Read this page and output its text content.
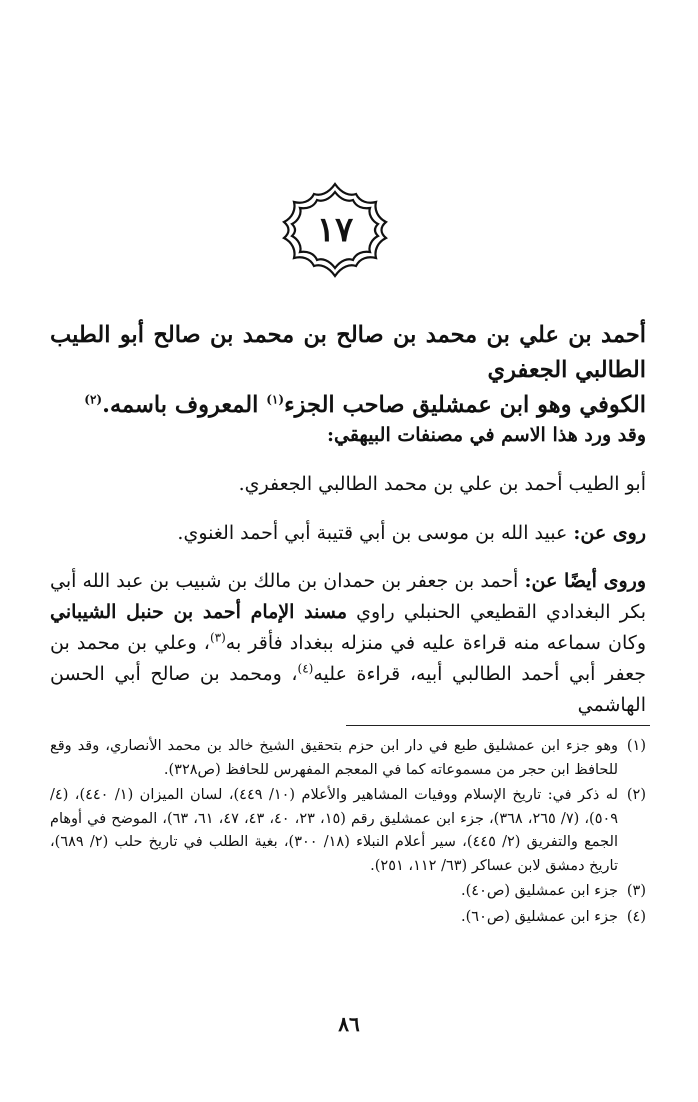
١٧
أحمد بن علي بن محمد بن صالح بن محمد بن صالح أبو الطيب الطالبي الجعفري
الكوفي وهو ابن عمشليق صاحب الجزء$^{(١)}$ المعروف باسمه.$^{(٢)}$
وقد ورد هذا الاسم في مصنفات البيهقي:
أبو الطيب أحمد بن علي بن محمد الطالبي الجعفري.
روى عن: عبيد الله بن موسى بن أبي قتيبة أبي أحمد الغنوي.
وروى أيضًا عن: أحمد بن جعفر بن حمدان بن مالك بن شبيب بن عبد الله أبي بكر البغدادي القطيعي الحنبلي راوي مسند الإمام أحمد بن حنبل الشيباني وكان سماعه منه قراءة عليه في منزله ببغداد فأقر به$^{(٣)}$، وعلي بن محمد بن جعفر أبي أحمد الطالبي أبيه، قراءة عليه$^{(٤)}$، ومحمد بن صالح أبي الحسن الهاشمي
(١)
وهو جزء ابن عمشليق طبع في دار ابن حزم بتحقيق الشيخ خالد بن محمد الأنصاري، وقد وقع للحافظ ابن حجر من مسموعاته كما في المعجم المفهرس للحافظ (ص٣٢٨).
(٢)
له ذكر في: تاريخ الإسلام ووفيات المشاهير والأعلام (١٠/ ٤٤٩)، لسان الميزان (١/ ٤٤٠)، (٤/ ٥٠٩)، (٧/ ٢٦٥، ٣٦٨)، جزء ابن عمشليق رقم (١٥، ٢٣، ٤٠، ٤٣، ٤٧، ٦١، ٦٣)، الموضح في أوهام الجمع والتفريق (٢/ ٤٤٥)، سير أعلام النبلاء (١٨/ ٣٠٠)، بغية الطلب في تاريخ حلب (٢/ ٦٨٩)، تاريخ دمشق لابن عساكر (٦٣/ ١١٢، ٢٥١).
(٣)
جزء ابن عمشليق (ص٤٠).
(٤)
جزء ابن عمشليق (ص٦٠).
٨٦
